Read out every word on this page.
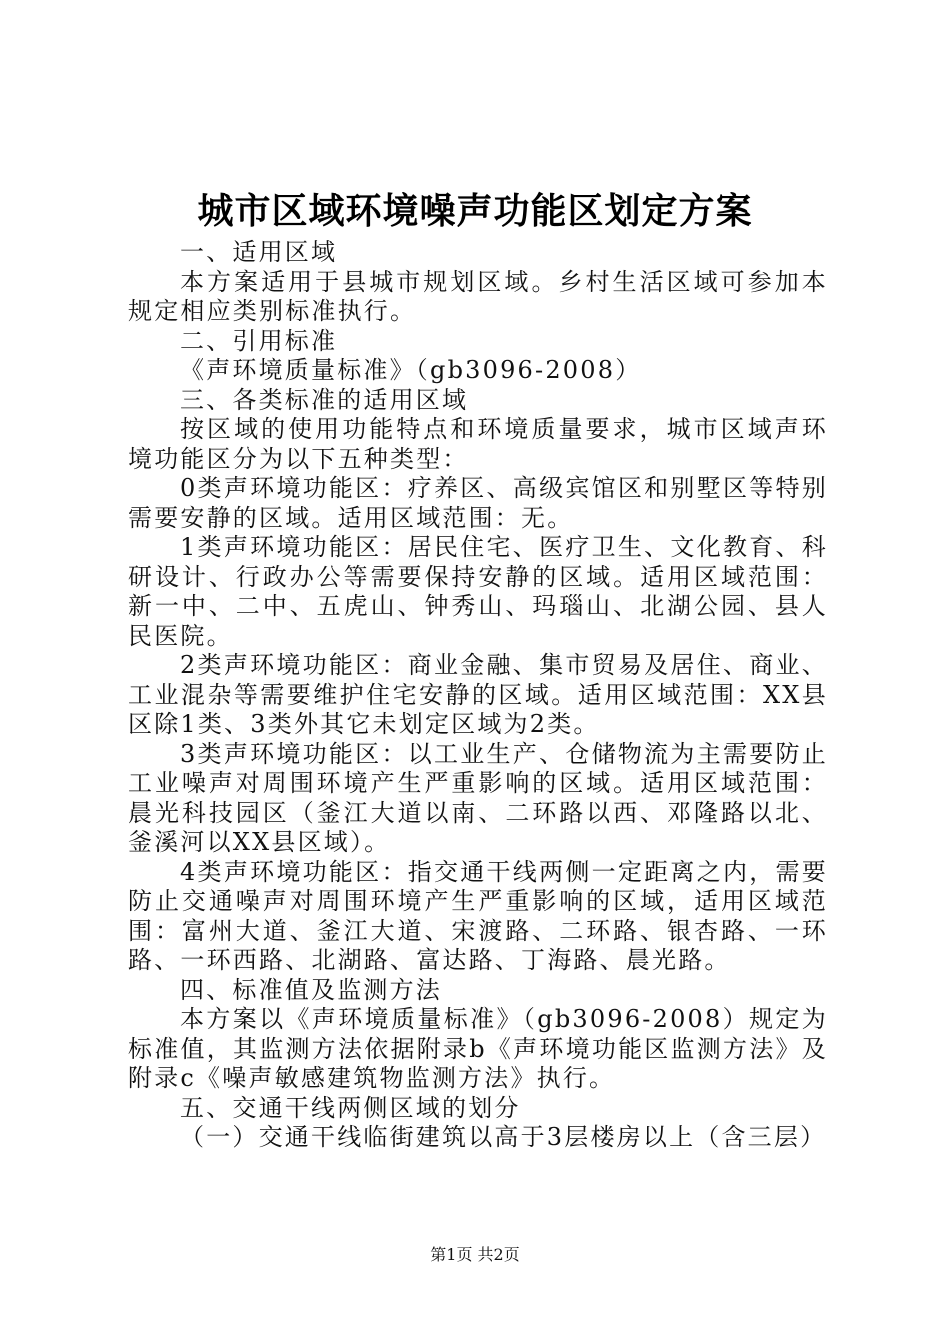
城市区域环境噪声功能区划定方案

一、适用区域

本方案适用于县城市规划区域。乡村生活区域可参加本规定相应类别标准执行。

二、引用标准

《声环境质量标准》（gb3096-2008）

三、各类标准的适用区域

按区域的使用功能特点和环境质量要求，城市区域声环境功能区分为以下五种类型：

0类声环境功能区：疗养区、高级宾馆区和别墅区等特别需要安静的区域。适用区域范围：无。

1类声环境功能区：居民住宅、医疗卫生、文化教育、科研设计、行政办公等需要保持安静的区域。适用区域范围：新一中、二中、五虎山、钟秀山、玛瑙山、北湖公园、县人民医院。

2类声环境功能区：商业金融、集市贸易及居住、商业、工业混杂等需要维护住宅安静的区域。适用区域范围：XX县区除1类、3类外其它未划定区域为2类。

3类声环境功能区：以工业生产、仓储物流为主需要防止工业噪声对周围环境产生严重影响的区域。适用区域范围：晨光科技园区（釜江大道以南、二环路以西、邓隆路以北、釜溪河以XX县区域）。

4类声环境功能区：指交通干线两侧一定距离之内，需要防止交通噪声对周围环境产生严重影响的区域，适用区域范围：富州大道、釜江大道、宋渡路、二环路、银杏路、一环路、一环西路、北湖路、富达路、丁海路、晨光路。

四、标准值及监测方法

本方案以《声环境质量标准》（gb3096-2008）规定为标准值，其监测方法依据附录b《声环境功能区监测方法》及附录c《噪声敏感建筑物监测方法》执行。

五、交通干线两侧区域的划分

（一）交通干线临街建筑以高于3层楼房以上（含三层）

第1页 共2页
